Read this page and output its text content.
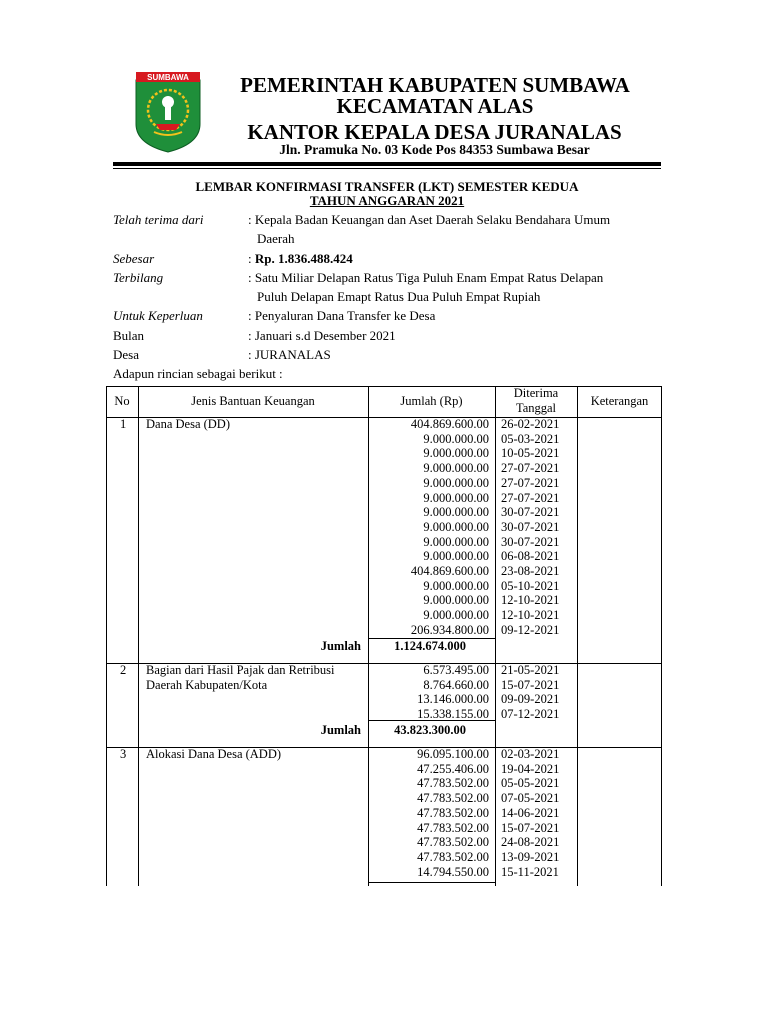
SUMBAWA	PEMERINTAH KABUPATEN SUMBAWA
KECAMATAN ALAS
KANTOR KEPALA DESA JURANALAS
Jln. Pramuka No. 03 Kode Pos 84353 Sumbawa Besar
LEMBAR KONFIRMASI TRANSFER (LKT) SEMESTER KEDUA
TAHUN ANGGARAN 2021
Telah terima dari	: Kepala Badan Keuangan dan Aset Daerah Selaku Bendahara Umum
Daerah
Sebesar	: Rp. 1.836.488.424
Terbilang	: Satu Miliar Delapan Ratus Tiga Puluh Enam Empat Ratus Delapan
Puluh Delapan Emapt Ratus Dua Puluh Empat Rupiah
Untuk Keperluan	: Penyaluran Dana Transfer ke Desa
Bulan	: Januari s.d Desember 2021
Desa	: JURANALAS
Adapun rincian sebagai berikut :
No	Jenis Bantuan Keuangan	Jumlah (Rp)
Diterima
Tanggal	Keterangan
1 Dana Desa (DD)	404.869.600.00 26-02-2021
9.000.000.00 05-03-2021
9.000.000.00 10-05-2021
9.000.000.00 27-07-2021
9.000.000.00 27-07-2021
9.000.000.00 27-07-2021
9.000.000.00 30-07-2021
9.000.000.00 30-07-2021
9.000.000.00 30-07-2021
9.000.000.00 06-08-2021
404.869.600.00 23-08-2021
9.000.000.00 05-10-2021
9.000.000.00 12-10-2021
9.000.000.00 12-10-2021
206.934.800.00 09-12-2021
Jumlah	1.124.674.000
2 Bagian dari Hasil Pajak dan Retribusi
Daerah Kabupaten/Kota
6.573.495.00 21-05-2021
8.764.660.00 15-07-2021
13.146.000.00 09-09-2021
15.338.155.00 07-12-2021
Jumlah	43.823.300.00
3 Alokasi Dana Desa (ADD)	96.095.100.00 02-03-2021
47.255.406.00 19-04-2021
47.783.502.00 05-05-2021
47.783.502.00 07-05-2021
47.783.502.00 14-06-2021
47.783.502.00 15-07-2021
47.783.502.00 24-08-2021
47.783.502.00 13-09-2021
14.794.550.00 15-11-2021
